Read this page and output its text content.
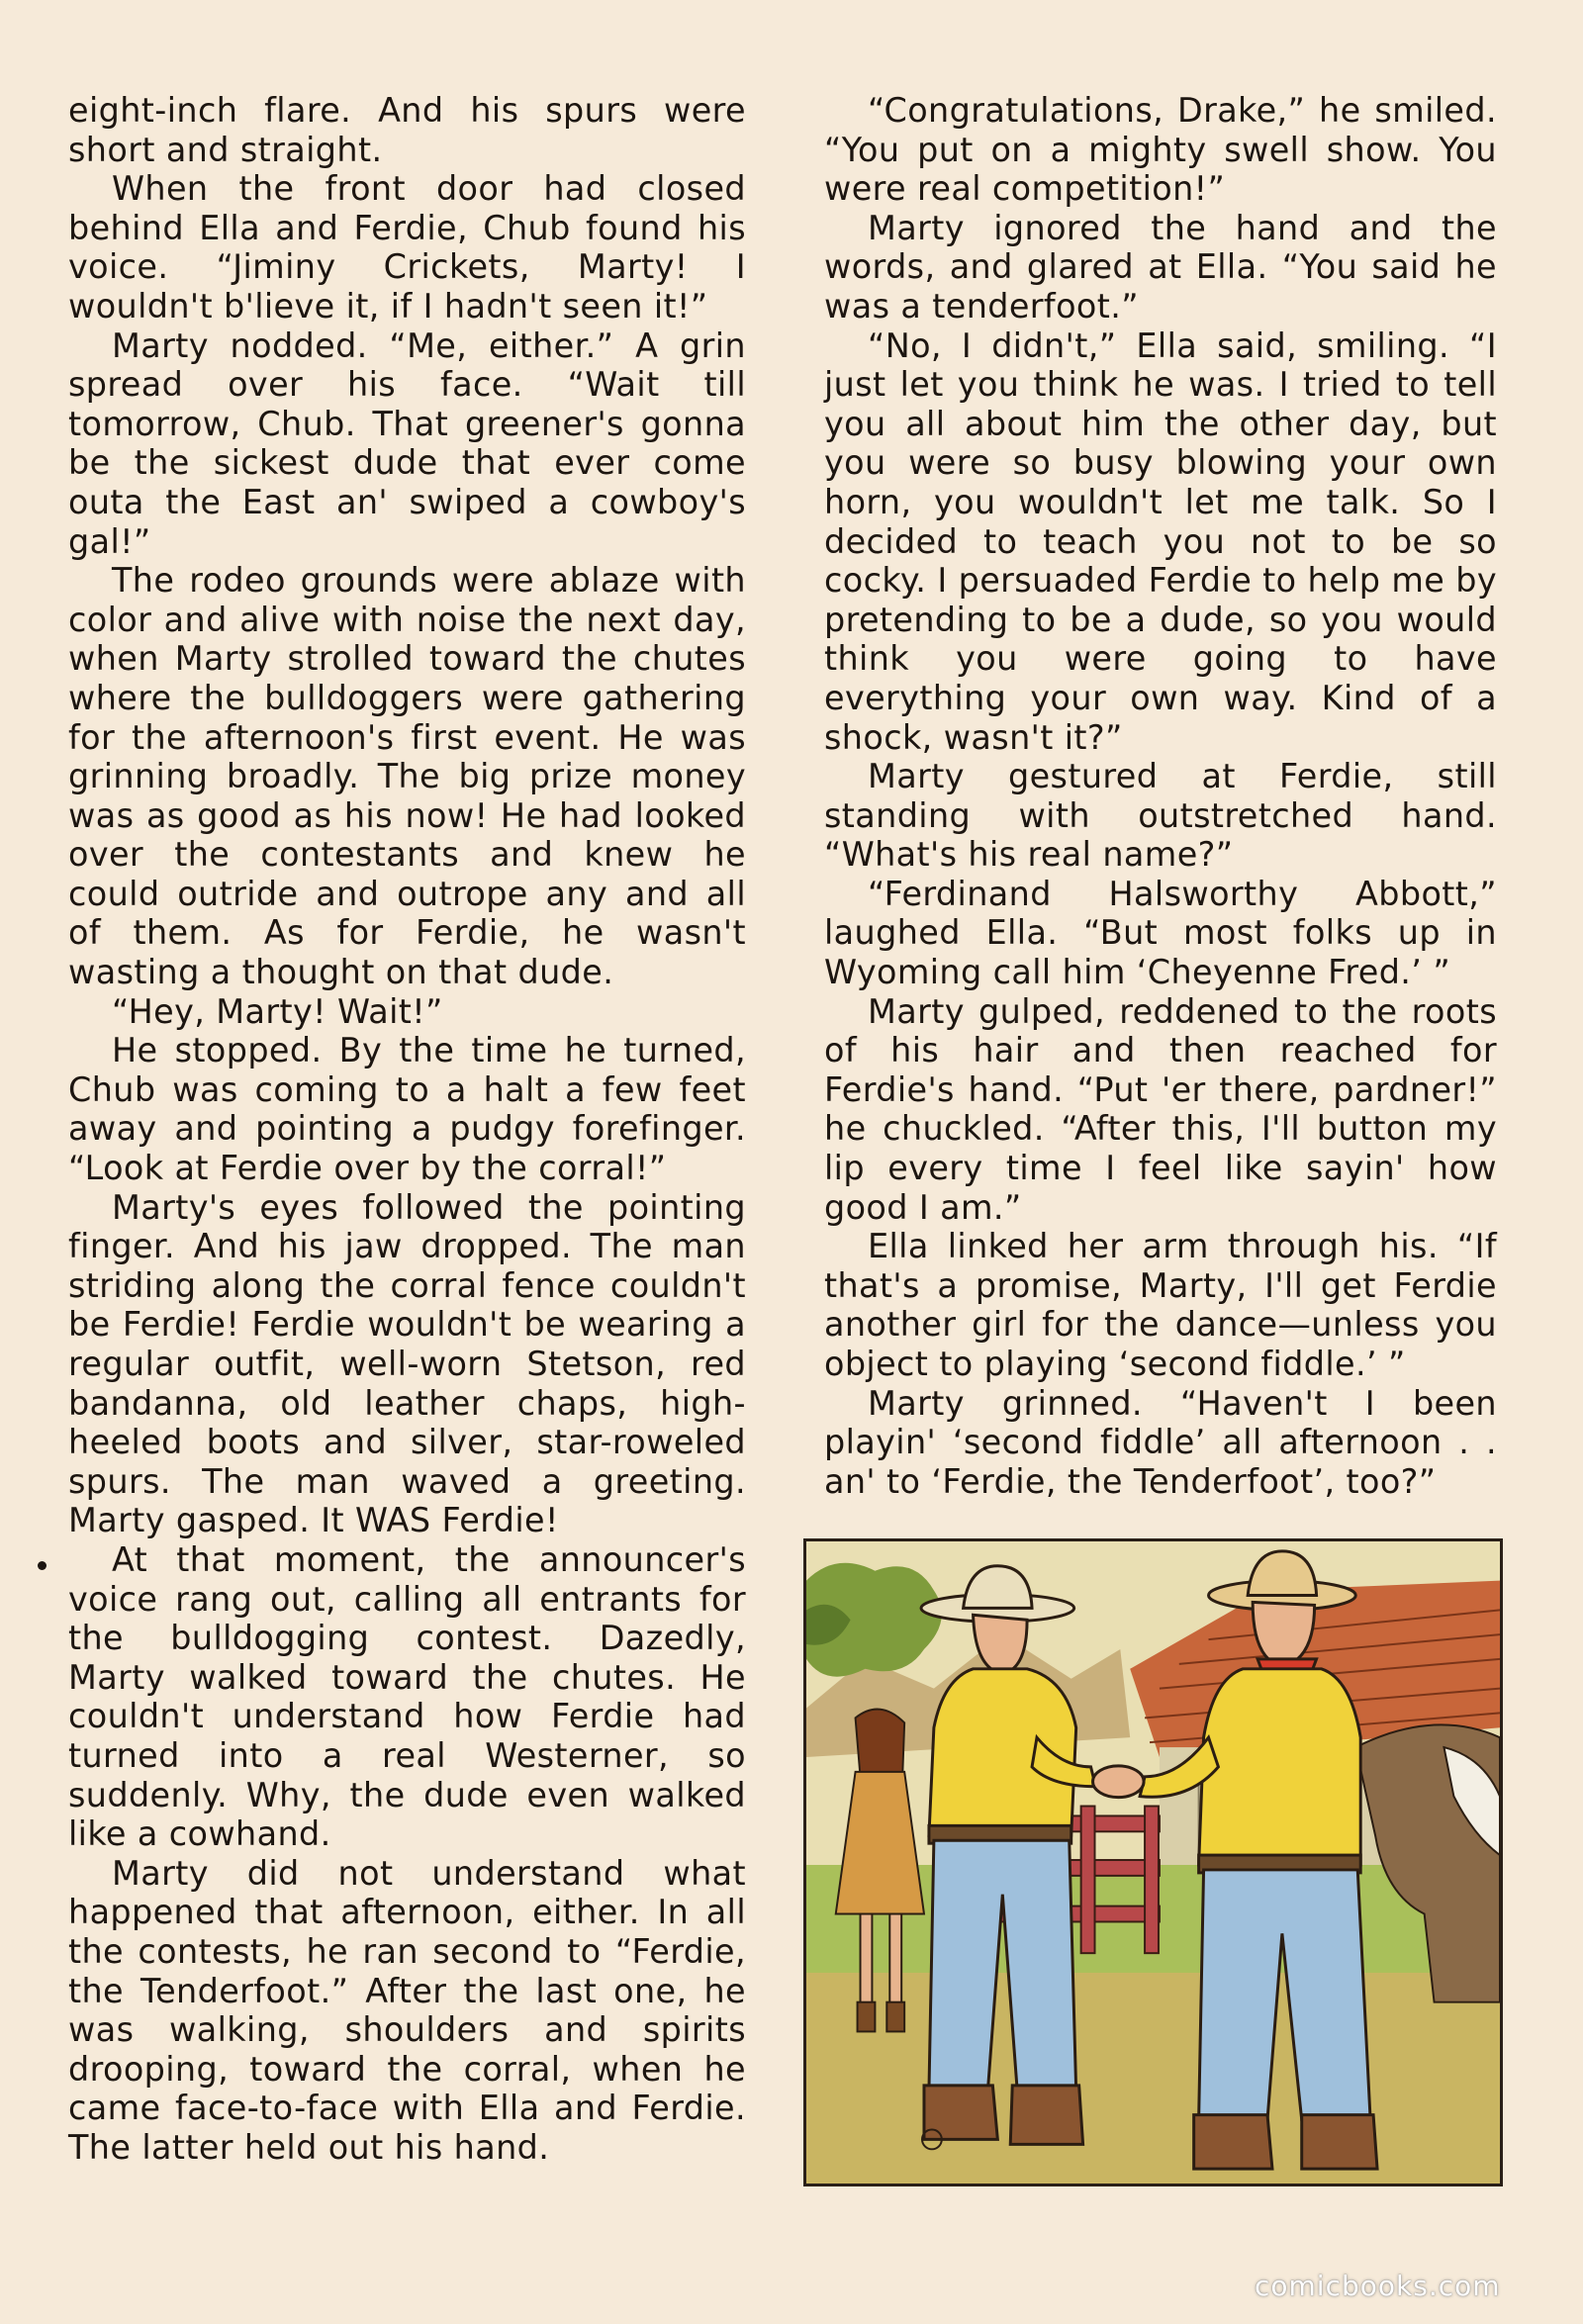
eight-inch flare. And his spurs were short and straight.

When the front door had closed behind Ella and Ferdie, Chub found his voice. “Jiminy Crickets, Marty! I wouldn't b'lieve it, if I hadn't seen it!”

Marty nodded. “Me, either.” A grin spread over his face. “Wait till tomorrow, Chub. That greener's gonna be the sickest dude that ever come outa the East an' swiped a cowboy's gal!”

The rodeo grounds were ablaze with color and alive with noise the next day, when Marty strolled toward the chutes where the bulldoggers were gathering for the afternoon's first event. He was grinning broadly. The big prize money was as good as his now! He had looked over the contestants and knew he could outride and outrope any and all of them. As for Ferdie, he wasn't wasting a thought on that dude.

“Hey, Marty! Wait!”

He stopped. By the time he turned, Chub was coming to a halt a few feet away and pointing a pudgy forefinger. “Look at Ferdie over by the corral!”

Marty's eyes followed the pointing finger. And his jaw dropped. The man striding along the corral fence couldn't be Ferdie! Ferdie wouldn't be wearing a regular outfit, well-worn Stetson, red bandanna, old leather chaps, high-heeled boots and silver, star-roweled spurs. The man waved a greeting. Marty gasped. It WAS Ferdie!

At that moment, the announcer's voice rang out, calling all entrants for the bulldogging contest. Dazedly, Marty walked toward the chutes. He couldn't understand how Ferdie had turned into a real Westerner, so suddenly. Why, the dude even walked like a cowhand.

Marty did not understand what happened that afternoon, either. In all the contests, he ran second to “Ferdie, the Tenderfoot.” After the last one, he was walking, shoulders and spirits drooping, toward the corral, when he came face-to-face with Ella and Ferdie. The latter held out his hand.

“Congratulations, Drake,” he smiled. “You put on a mighty swell show. You were real competition!”

Marty ignored the hand and the words, and glared at Ella. “You said he was a tenderfoot.”

“No, I didn't,” Ella said, smiling. “I just let you think he was. I tried to tell you all about him the other day, but you were so busy blowing your own horn, you wouldn't let me talk. So I decided to teach you not to be so cocky. I persuaded Ferdie to help me by pretending to be a dude, so you would think you were going to have everything your own way. Kind of a shock, wasn't it?”

Marty gestured at Ferdie, still standing with outstretched hand. “What's his real name?”

“Ferdinand Halsworthy Abbott,” laughed Ella. “But most folks up in Wyoming call him ‘Cheyenne Fred.’ ”

Marty gulped, reddened to the roots of his hair and then reached for Ferdie's hand. “Put 'er there, pardner!” he chuckled. “After this, I'll button my lip every time I feel like sayin' how good I am.”

Ella linked her arm through his. “If that's a promise, Marty, I'll get Ferdie another girl for the dance—unless you object to playing ‘second fiddle.’ ”

Marty grinned. “Haven't I been playin' ‘second fiddle’ all afternoon . . an' to ‘Ferdie, the Tenderfoot’, too?”

comicbooks.com
